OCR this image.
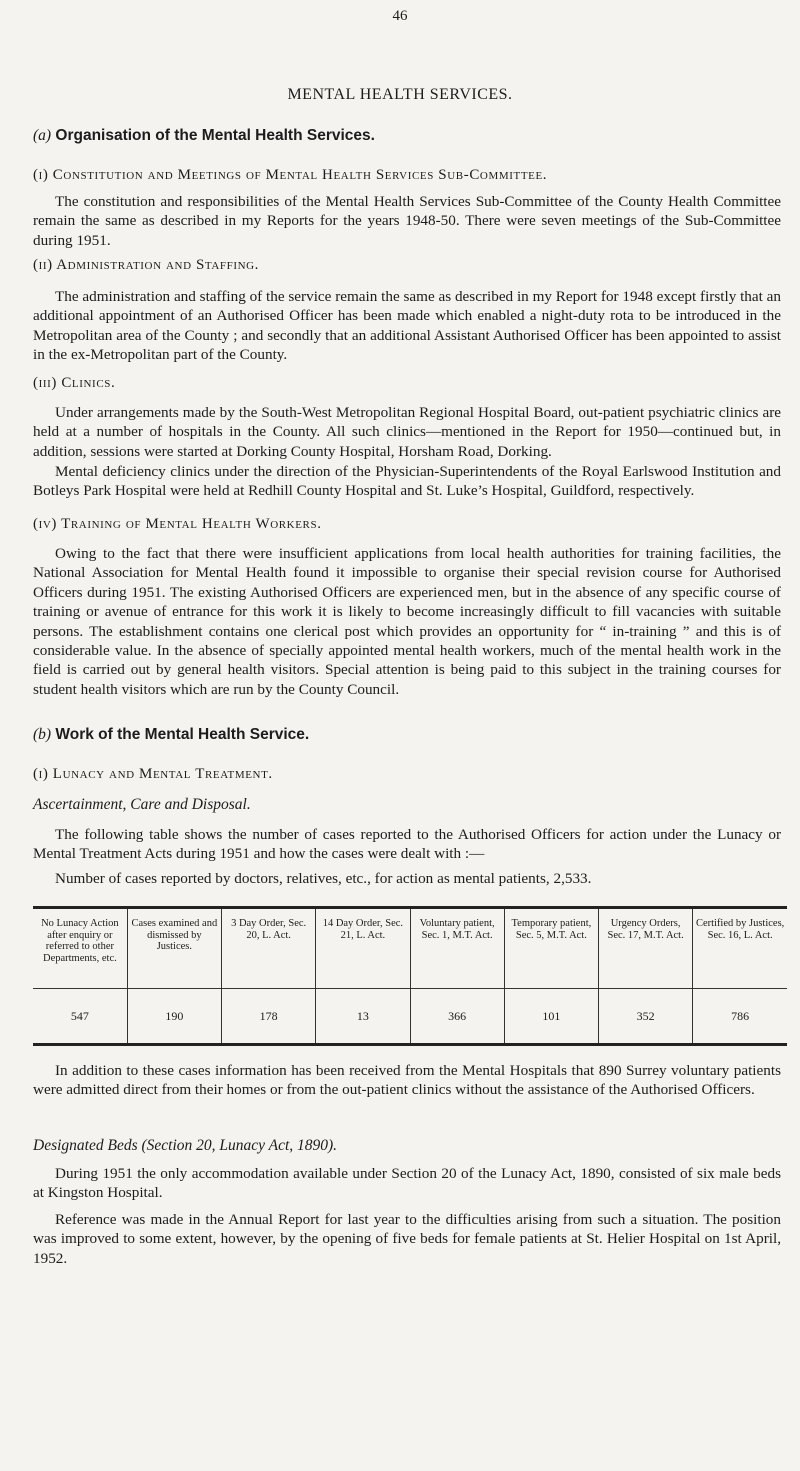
46
MENTAL HEALTH SERVICES.
(a) Organisation of the Mental Health Services.
(i) Constitution and Meetings of Mental Health Services Sub-Committee.

The constitution and responsibilities of the Mental Health Services Sub-Committee of the County Health Committee remain the same as described in my Reports for the years 1948-50. There were seven meetings of the Sub-Committee during 1951.

(ii) Administration and Staffing.

The administration and staffing of the service remain the same as described in my Report for 1948 except firstly that an additional appointment of an Authorised Officer has been made which enabled a night-duty rota to be introduced in the Metropolitan area of the County ; and secondly that an additional Assistant Authorised Officer has been appointed to assist in the ex-Metropolitan part of the County.

(iii) Clinics.

Under arrangements made by the South-West Metropolitan Regional Hospital Board, out-patient psychiatric clinics are held at a number of hospitals in the County. All such clinics—mentioned in the Report for 1950—continued but, in addition, sessions were started at Dorking County Hospital, Horsham Road, Dorking.

Mental deficiency clinics under the direction of the Physician-Superintendents of the Royal Earlswood Institution and Botleys Park Hospital were held at Redhill County Hospital and St. Luke’s Hospital, Guildford, respectively.

(iv) Training of Mental Health Workers.

Owing to the fact that there were insufficient applications from local health authorities for training facilities, the National Association for Mental Health found it impossible to organise their special revision course for Authorised Officers during 1951. The existing Authorised Officers are experienced men, but in the absence of any specific course of training or avenue of entrance for this work it is likely to become increasingly difficult to fill vacancies with suitable persons. The establishment contains one clerical post which provides an opportunity for “ in-training ” and this is of considerable value. In the absence of specially appointed mental health workers, much of the mental health work in the field is carried out by general health visitors. Special attention is being paid to this subject in the training courses for student health visitors which are run by the County Council.

(b) Work of the Mental Health Service.
(i) Lunacy and Mental Treatment.
Ascertainment, Care and Disposal.

The following table shows the number of cases reported to the Authorised Officers for action under the Lunacy or Mental Treatment Acts during 1951 and how the cases were dealt with :—

Number of cases reported by doctors, relatives, etc., for action as mental patients, 2,533.
No Lunacy Action after enquiry or referred to other Departments, etc.	Cases examined and dismissed by Justices.	3 Day Order, Sec. 20, L. Act.	14 Day Order, Sec. 21, L. Act.	Voluntary patient, Sec. 1, M.T. Act.	Temporary patient, Sec. 5, M.T. Act.	Urgency Orders, Sec. 17, M.T. Act.	Certified by Justices, Sec. 16, L. Act.
547	190	178	13	366	101	352	786

In addition to these cases information has been received from the Mental Hospitals that 890 Surrey voluntary patients were admitted direct from their homes or from the out-patient clinics without the assistance of the Authorised Officers.

Designated Beds (Section 20, Lunacy Act, 1890).

During 1951 the only accommodation available under Section 20 of the Lunacy Act, 1890, consisted of six male beds at Kingston Hospital.

Reference was made in the Annual Report for last year to the difficulties arising from such a situation. The position was improved to some extent, however, by the opening of five beds for female patients at St. Helier Hospital on 1st April, 1952.
